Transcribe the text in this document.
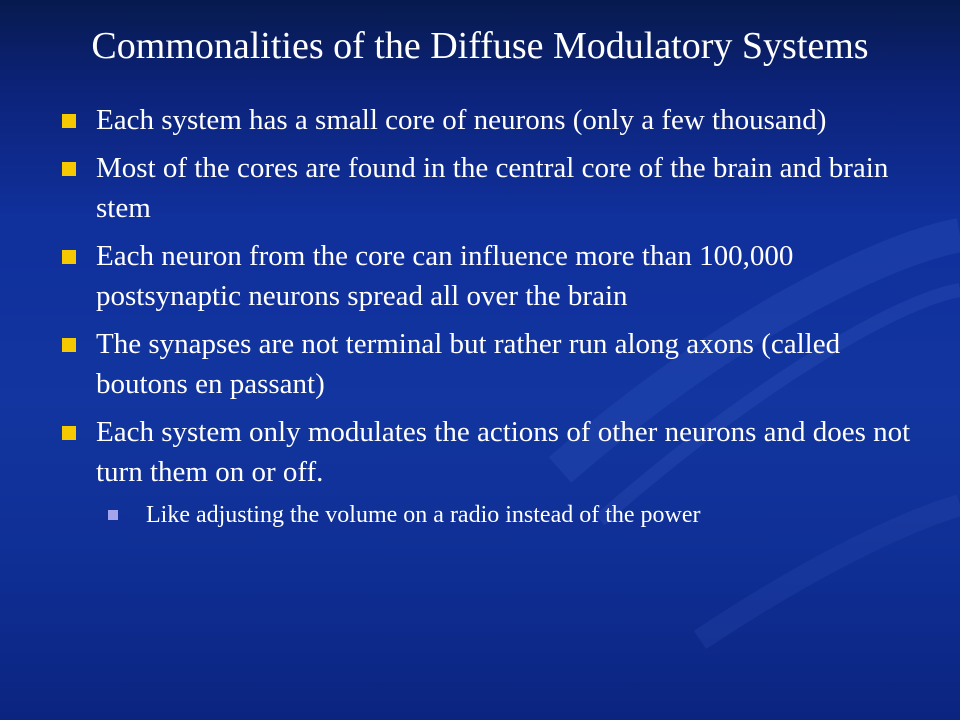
Commonalities of the Diffuse Modulatory Systems
Each system has a small core of neurons (only a few thousand)
Most of the cores are found in the central core of the brain and brain stem
Each neuron from the core can influence more than 100,000 postsynaptic neurons spread all over the brain
The synapses are not terminal but rather run along axons (called boutons en passant)
Each system only modulates the actions of other neurons and does not turn them on or off.
Like adjusting the volume on a radio instead of the power
